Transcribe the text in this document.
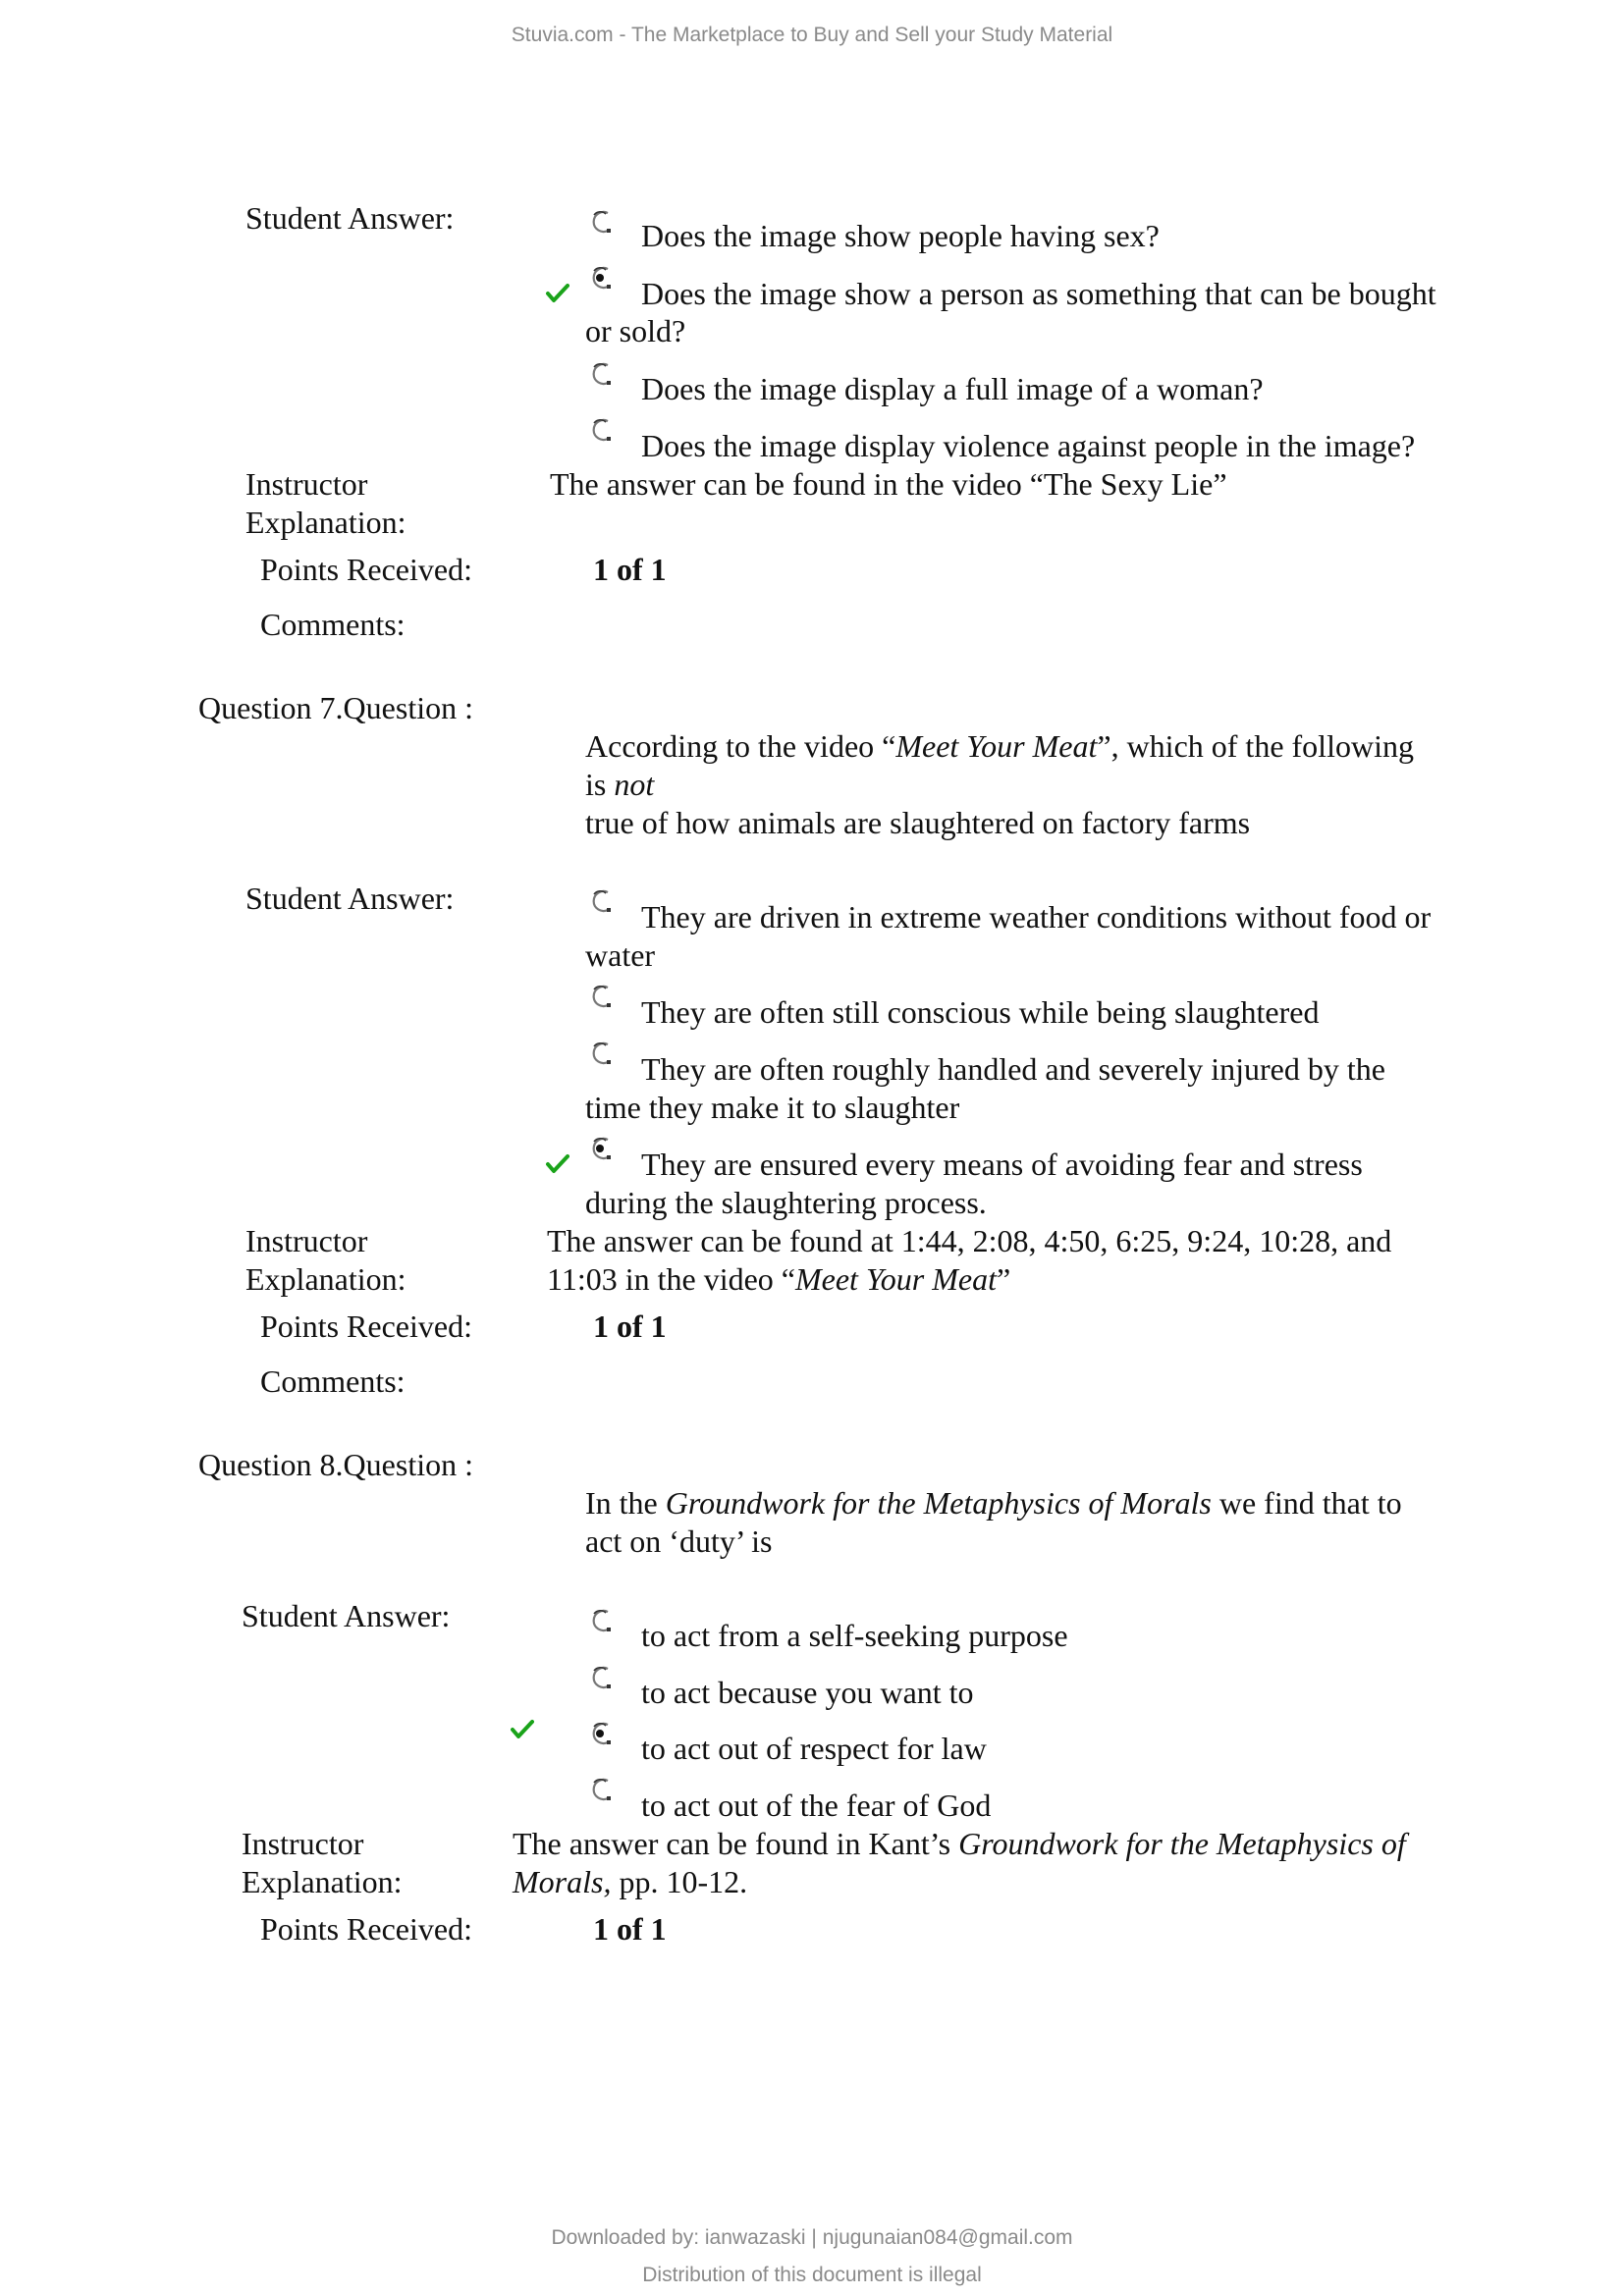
Stuvia.com - The Marketplace to Buy and Sell your Study Material
Student Answer:	Does the image show people having sex?
Does the image show a person as something that can be bought
or sold?
Does the image display a full image of a woman?
Does the image display violence against people in the image?
Instructor
Explanation:
The answer can be found in the video “The Sexy Lie”
Points Received:	1 of 1
Comments:
Question 7.Question :
According to the video “Meet Your Meat”, which of the following
is not
true of how animals are slaughtered on factory farms
Student Answer:
They are driven in extreme weather conditions without food or
water
They are often still conscious while being slaughtered
They are often roughly handled and severely injured by the
time they make it to slaughter
They are ensured every means of avoiding fear and stress
during the slaughtering process.
Instructor
Explanation:
The answer can be found at 1:44, 2:08, 4:50, 6:25, 9:24, 10:28, and
11:03 in the video “Meet Your Meat”
Points Received:	1 of 1
Comments:
Question 8.Question :
In the Groundwork for the Metaphysics of Morals we find that to
act on ‘duty’ is
Student Answer:
to act from a self-seeking purpose
to act because you want to
to act out of respect for law
to act out of the fear of God
Instructor
Explanation:
The answer can be found in Kant’s Groundwork for the Metaphysics of
Morals, pp. 10-12.
Points Received:	1 of 1
Downloaded by: ianwazaski | njugunaian084@gmail.com
Distribution of this document is illegal
